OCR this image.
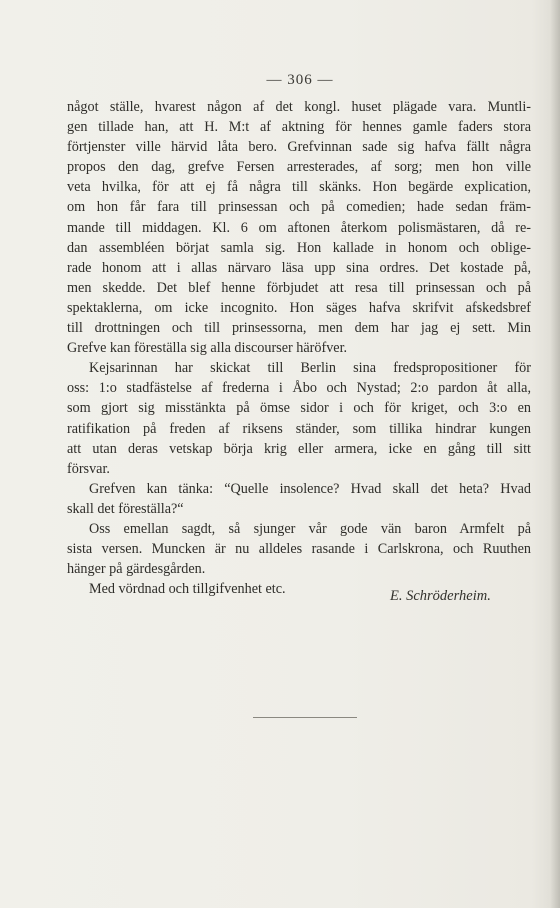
— 306 —
något ställe, hvarest någon af det kongl. huset plägade vara. Muntli-
gen tillade han, att H. M:t af aktning för hennes gamle faders stora
förtjenster ville härvid låta bero. Grefvinnan sade sig hafva fällt några
propos den dag, grefve Fersen arresterades, af sorg; men hon ville
veta hvilka, för att ej få några till skänks. Hon begärde explication,
om hon får fara till prinsessan och på comedien; hade sedan främ-
mande till middagen. Kl. 6 om aftonen återkom polismästaren, då re-
dan assembléen börjat samla sig. Hon kallade in honom och oblige-
rade honom att i allas närvaro läsa upp sina ordres. Det kostade på,
men skedde. Det blef henne förbjudet att resa till prinsessan och på
spektaklerna, om icke incognito. Hon säges hafva skrifvit afskedsbref
till drottningen och till prinsessorna, men dem har jag ej sett. Min
Grefve kan föreställa sig alla discourser häröfver.
Kejsarinnan har skickat till Berlin sina fredspropositioner för
oss: 1:o stadfästelse af frederna i Åbo och Nystad; 2:o pardon åt alla,
som gjort sig misstänkta på ömse sidor i och för kriget, och 3:o en
ratifikation på freden af riksens ständer, som tillika hindrar kungen
att utan deras vetskap börja krig eller armera, icke en gång till sitt
försvar.
Grefven kan tänka: “Quelle insolence? Hvad skall det heta? Hvad
skall det föreställa?“
Oss emellan sagdt, så sjunger vår gode vän baron Armfelt på
sista versen. Muncken är nu alldeles rasande i Carlskrona, och Ruuthen
hänger på gärdesgården.
Med vördnad och tillgifvenhet etc.	E. Schröderheim.
